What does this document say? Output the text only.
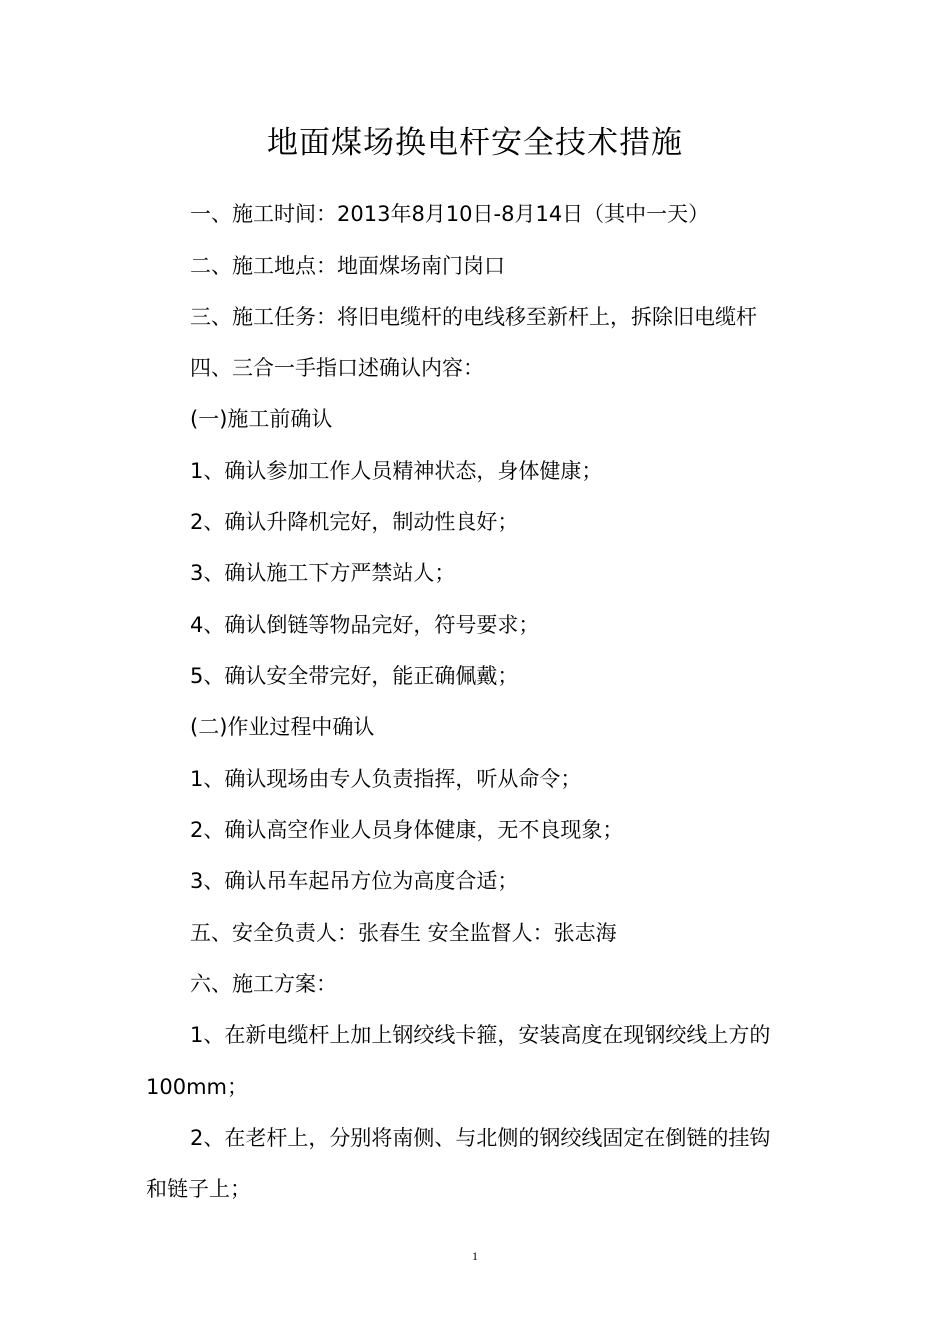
地面煤场换电杆安全技术措施
一、施工时间：2013年8月10日-8月14日（其中一天）
二、施工地点：地面煤场南门岗口
三、施工任务：将旧电缆杆的电线移至新杆上，拆除旧电缆杆
四、三合一手指口述确认内容：
(一)施工前确认
1、确认参加工作人员精神状态，身体健康；
2、确认升降机完好，制动性良好；
3、确认施工下方严禁站人；
4、确认倒链等物品完好，符号要求；
5、确认安全带完好，能正确佩戴；
(二)作业过程中确认
1、确认现场由专人负责指挥，听从命令；
2、确认高空作业人员身体健康，无不良现象；
3、确认吊车起吊方位为高度合适；
五、安全负责人：张春生 安全监督人：张志海
六、施工方案：
1、在新电缆杆上加上钢绞线卡箍，安装高度在现钢绞线上方的
100mm；
2、在老杆上，分别将南侧、与北侧的钢绞线固定在倒链的挂钩
和链子上；
1
